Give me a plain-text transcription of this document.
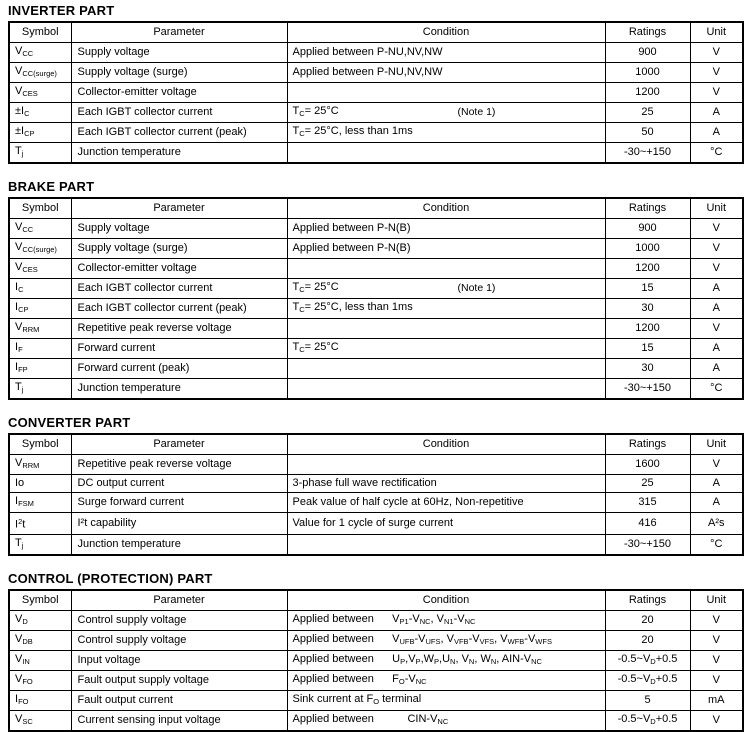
INVERTER PART
Symbol	Parameter	Condition	Ratings	Unit
$V_{CC}$	Supply voltage	Applied between P-NU,NV,NW	900	V
$V_{CC(surge)}$	Supply voltage (surge)	Applied between P-NU,NV,NW	1000	V
$V_{CES}$	Collector-emitter voltage		1200	V
$\pm I_C$	Each IGBT collector current	$T_C= 25^\circ C$ (Note 1)	25	A
$\pm I_{CP}$	Each IGBT collector current (peak)	$T_C= 25^\circ C$, less than 1ms	50	A
$T_j$	Junction temperature		-30~+150	°C
BRAKE PART
Symbol	Parameter	Condition	Ratings	Unit
$V_{CC}$	Supply voltage	Applied between P-N(B)	900	V
$V_{CC(surge)}$	Supply voltage (surge)	Applied between P-N(B)	1000	V
$V_{CES}$	Collector-emitter voltage		1200	V
$I_C$	Each IGBT collector current	$T_C= 25^\circ C$ (Note 1)	15	A
$I_{CP}$	Each IGBT collector current (peak)	$T_C= 25^\circ C$, less than 1ms	30	A
$V_{RRM}$	Repetitive peak reverse voltage		1200	V
$I_F$	Forward current	$T_C= 25^\circ C$	15	A
$I_{FP}$	Forward current (peak)		30	A
$T_j$	Junction temperature		-30~+150	°C
CONVERTER PART
Symbol	Parameter	Condition	Ratings	Unit
$V_{RRM}$	Repetitive peak reverse voltage		1600	V
Io	DC output current	3-phase full wave rectification	25	A
$I_{FSM}$	Surge forward current	Peak value of half cycle at 60Hz, Non-repetitive	315	A
$I^2t$	I²t capability	Value for 1 cycle of surge current	416	A²s
$T_j$	Junction temperature		-30~+150	°C
CONTROL (PROTECTION) PART
Symbol	Parameter	Condition	Ratings	Unit
$V_D$	Control supply voltage	Applied between      $V_{P1}-V_{NC}$, $V_{N1}-V_{NC}$	20	V
$V_{DB}$	Control supply voltage	Applied between      $V_{UFB}-V_{UFS}$, $V_{VFB}-V_{VFS}$, $V_{WFB}-V_{WFS}$	20	V
$V_{IN}$	Input voltage	Applied between      $U_P,V_P,W_P,U_N$, $V_N$, $W_N$, AIN-$V_{NC}$	$-0.5\sim V_D+0.5$	V
$V_{FO}$	Fault output supply voltage	Applied between      $F_O-V_{NC}$	$-0.5\sim V_D+0.5$	V
$I_{FO}$	Fault output current	Sink current at $F_O$ terminal	5	mA
$V_{SC}$	Current sensing input voltage	Applied between           CIN-$V_{NC}$	$-0.5\sim V_D+0.5$	V
